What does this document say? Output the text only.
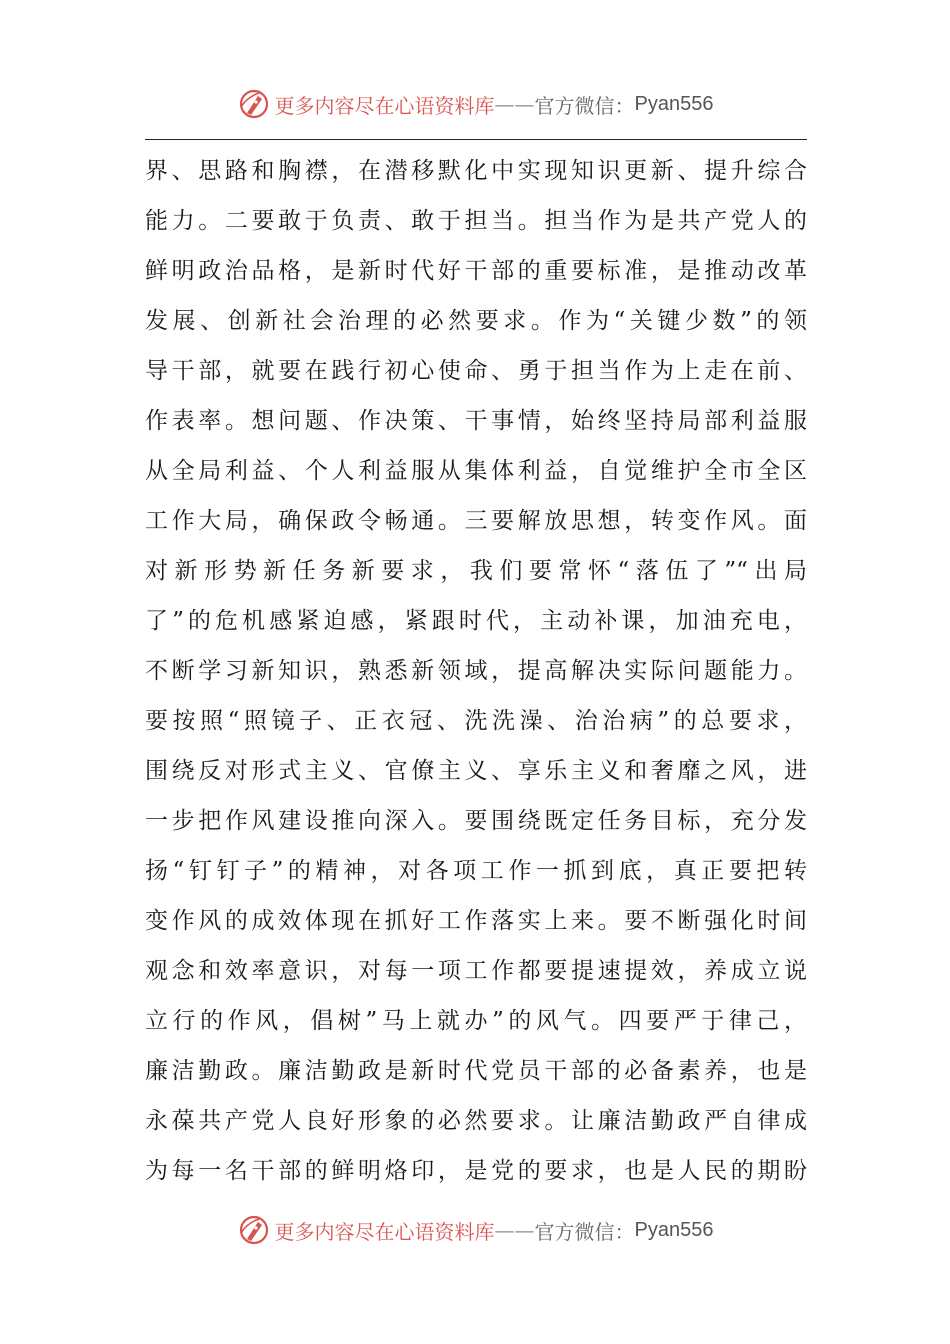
更多内容尽在心语资料库 —— 官方微信： Pyan556
界、思路和胸襟，在潜移默化中实现知识更新、提升综合
能力。二要敢于负责、敢于担当。担当作为是共产党人的
鲜明政治品格，是新时代好干部的重要标准，是推动改革
发展、创新社会治理的必然要求。作为“关键少数”的领
导干部，就要在践行初心使命、勇于担当作为上走在前、
作表率。想问题、作决策、干事情，始终坚持局部利益服
从全局利益、个人利益服从集体利益，自觉维护全市全区
工作大局，确保政令畅通。三要解放思想，转变作风。面
对新形势新任务新要求，我们要常怀“落伍了”“出局
了”的危机感紧迫感，紧跟时代，主动补课，加油充电，
不断学习新知识，熟悉新领域，提高解决实际问题能力。
要按照“照镜子、正衣冠、洗洗澡、治治病”的总要求，
围绕反对形式主义、官僚主义、享乐主义和奢靡之风，进
一步把作风建设推向深入。要围绕既定任务目标，充分发
扬“钉钉子”的精神，对各项工作一抓到底，真正要把转
变作风的成效体现在抓好工作落实上来。要不断强化时间
观念和效率意识，对每一项工作都要提速提效，养成立说
立行的作风，倡树”马上就办”的风气。四要严于律己，
廉洁勤政。廉洁勤政是新时代党员干部的必备素养，也是
永葆共产党人良好形象的必然要求。让廉洁勤政严自律成
为每一名干部的鲜明烙印，是党的要求，也是人民的期盼
更多内容尽在心语资料库 —— 官方微信： Pyan556
